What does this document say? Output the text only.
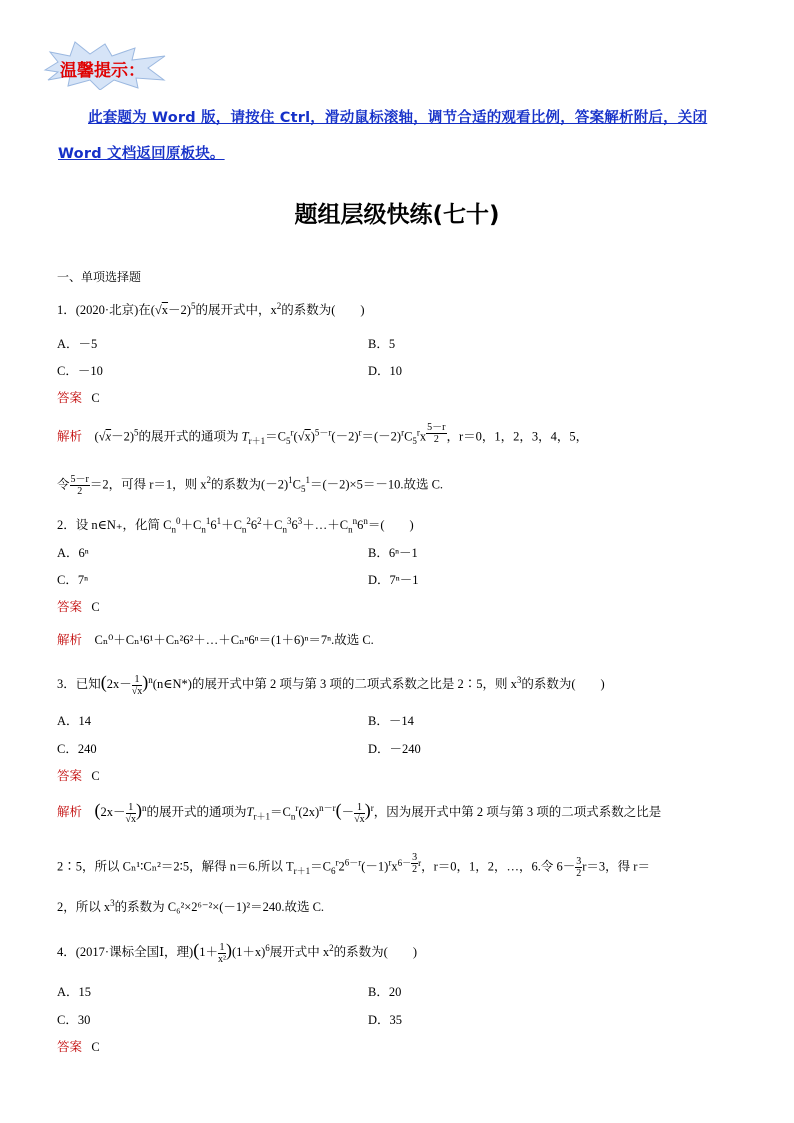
温馨提示：
此套题为 Word 版，请按住 Ctrl，滑动鼠标滚轴，调节合适的观看比例，答案解析附后，关闭 Word 文档返回原板块。
题组层级快练(七十)
一、单项选择题
1．(2020·北京)在$(√x-2)^5$的展开式中，$x^2$的系数为(　　)
A．－5	B．5
C．－10	D．10
答案 C
解析    $(√x-2)^5$的展开式的通项为 $T_{r+1}=C_5^r(√x)^{5-r}(-2)^r=(-2)^rC_5^rx$ $^{\frac{5-r}{2}}$ ，r＝0，1，2，3，4，5，
令 $\frac{5-r}{2} =2$，可得 r＝1，则 $x^2$的系数为$(-2)^1C_5^1=(-2)\times 5=-10$.故选 C.
2．设 n∈N₊，化简 $C_n^0+C_n^16^1+C_n^26^2+C_n^36^3+\dots+C_n^n6^n=$(　　)
A．6ⁿ	B．6ⁿ－1
C．7ⁿ	D．7ⁿ－1
答案 C
解析 Cₙ⁰＋Cₙ¹6¹＋Cₙ²6²＋…＋Cₙⁿ6ⁿ＝(1＋6)ⁿ＝7ⁿ.故选 C.
3．已知($2x- \frac{1}{√x}$ )$^n(n\in N*)$的展开式中第 2 项与第 3 项的二项式系数之比是 2∶5，则 $x^3$的系数为(　　)
A．14	B．－14
C．240	D．－240
答案 C
解析 $(2x- \frac{1}{√x} )^n$的展开式的通项为$T_{r+1}=C_n^r(2x)^{n-r}(- \frac{1}{√x} )^r$，因为展开式中第 2 项与第 3 项的二项式系数之比是
2∶5，所以 Cₙ¹∶Cₙ²＝2∶5，解得 n＝6.所以 $T_{r+1}=C_6^r2^{6-r}(-1)^rx^{6- \frac{3}{2} r}$，r＝0，1，2，…，6.令 $6- \frac{3}{2} r=3$，得 r＝
2，所以 $x^3$的系数为 C₆²×2⁶⁻²×(－1)²＝240.故选 C.
4．(2017·课标全国Ⅰ，理)$(1+ \frac{1}{\text{x²}} )(1+x)^6$展开式中 $x^2$的系数为(　　)
A．15	B．20
C．30	D．35
答案 C
